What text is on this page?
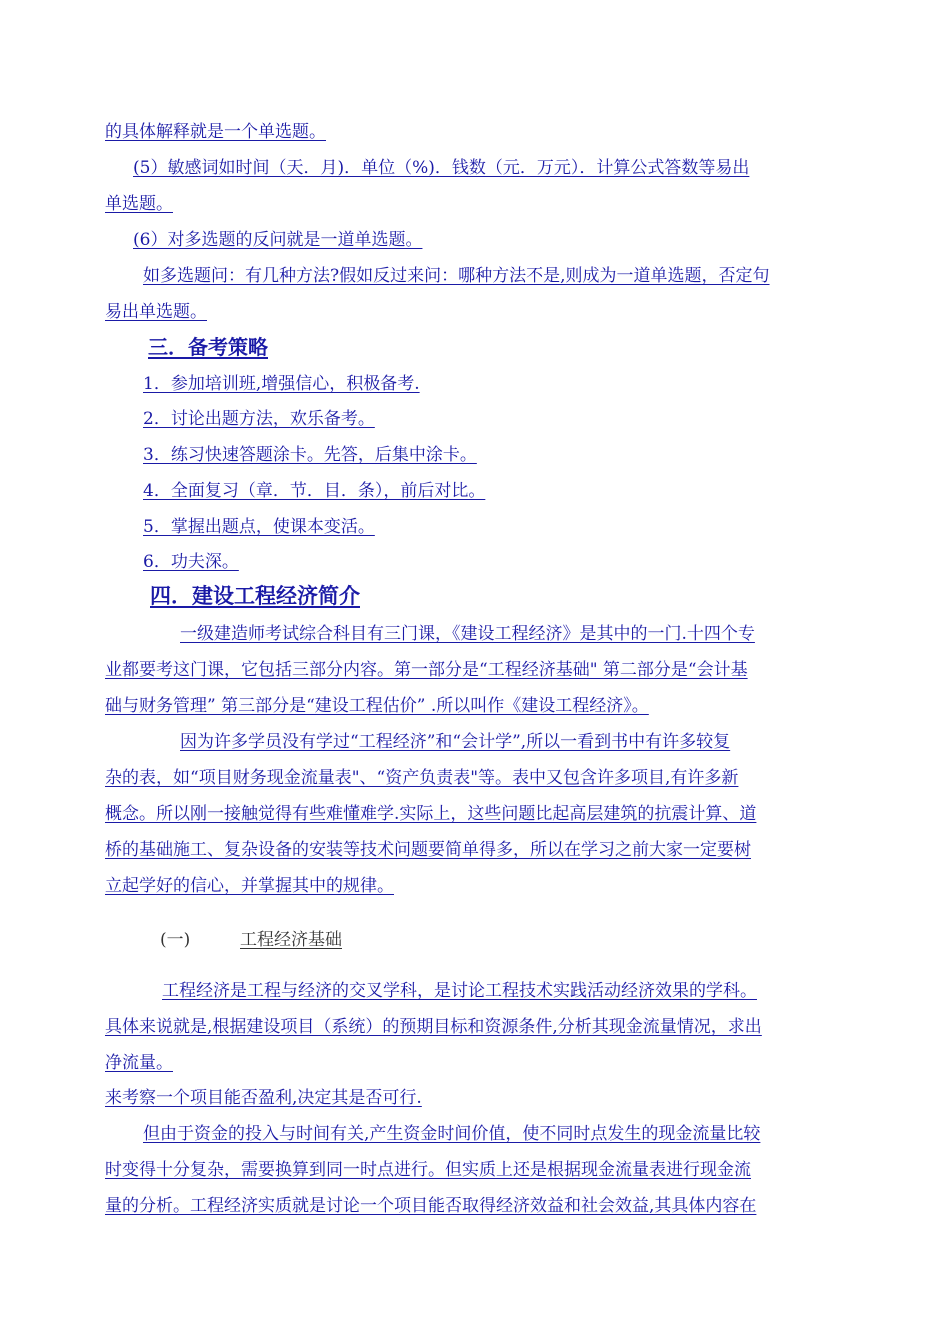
的具体解释就是一个单选题。
(5）敏感词如时间（天．月)．单位（%)．钱数（元．万元）．计算公式答数等易出
单选题。
(6）对多选题的反问就是一道单选题。
如多选题问：有几种方法?假如反过来问：哪种方法不是,则成为一道单选题，否定句
易出单选题。
三．备考策略
1．参加培训班,增强信心，积极备考.
2．讨论出题方法，欢乐备考。
3．练习快速答题涂卡。先答，后集中涂卡。
4．全面复习（章．节．目．条），前后对比。
5．掌握出题点，使课本变活。
6．功夫深。
四．建设工程经济简介
一级建造师考试综合科目有三门课，《建设工程经济》是其中的一门.十四个专
业都要考这门课，它包括三部分内容。第一部分是“工程经济基础" 第二部分是“会计基
础与财务管理” 第三部分是“建设工程估价” .所以叫作《建设工程经济》。
因为许多学员没有学过“工程经济”和“会计学”,所以一看到书中有许多较复
杂的表，如“项目财务现金流量表"、“资产负责表"等。表中又包含许多项目,有许多新
概念。所以刚一接触觉得有些难懂难学.实际上，这些问题比起高层建筑的抗震计算、道
桥的基础施工、复杂设备的安装等技术问题要简单得多，所以在学习之前大家一定要树
立起学好的信心，并掌握其中的规律。
(一)	工程经济基础
工程经济是工程与经济的交叉学科，是讨论工程技术实践活动经济效果的学科。
具体来说就是,根据建设项目（系统）的预期目标和资源条件,分析其现金流量情况，求出
净流量。
来考察一个项目能否盈利,决定其是否可行.
但由于资金的投入与时间有关,产生资金时间价值，使不同时点发生的现金流量比较
时变得十分复杂，需要换算到同一时点进行。但实质上还是根据现金流量表进行现金流
量的分析。工程经济实质就是讨论一个项目能否取得经济效益和社会效益,其具体内容在
